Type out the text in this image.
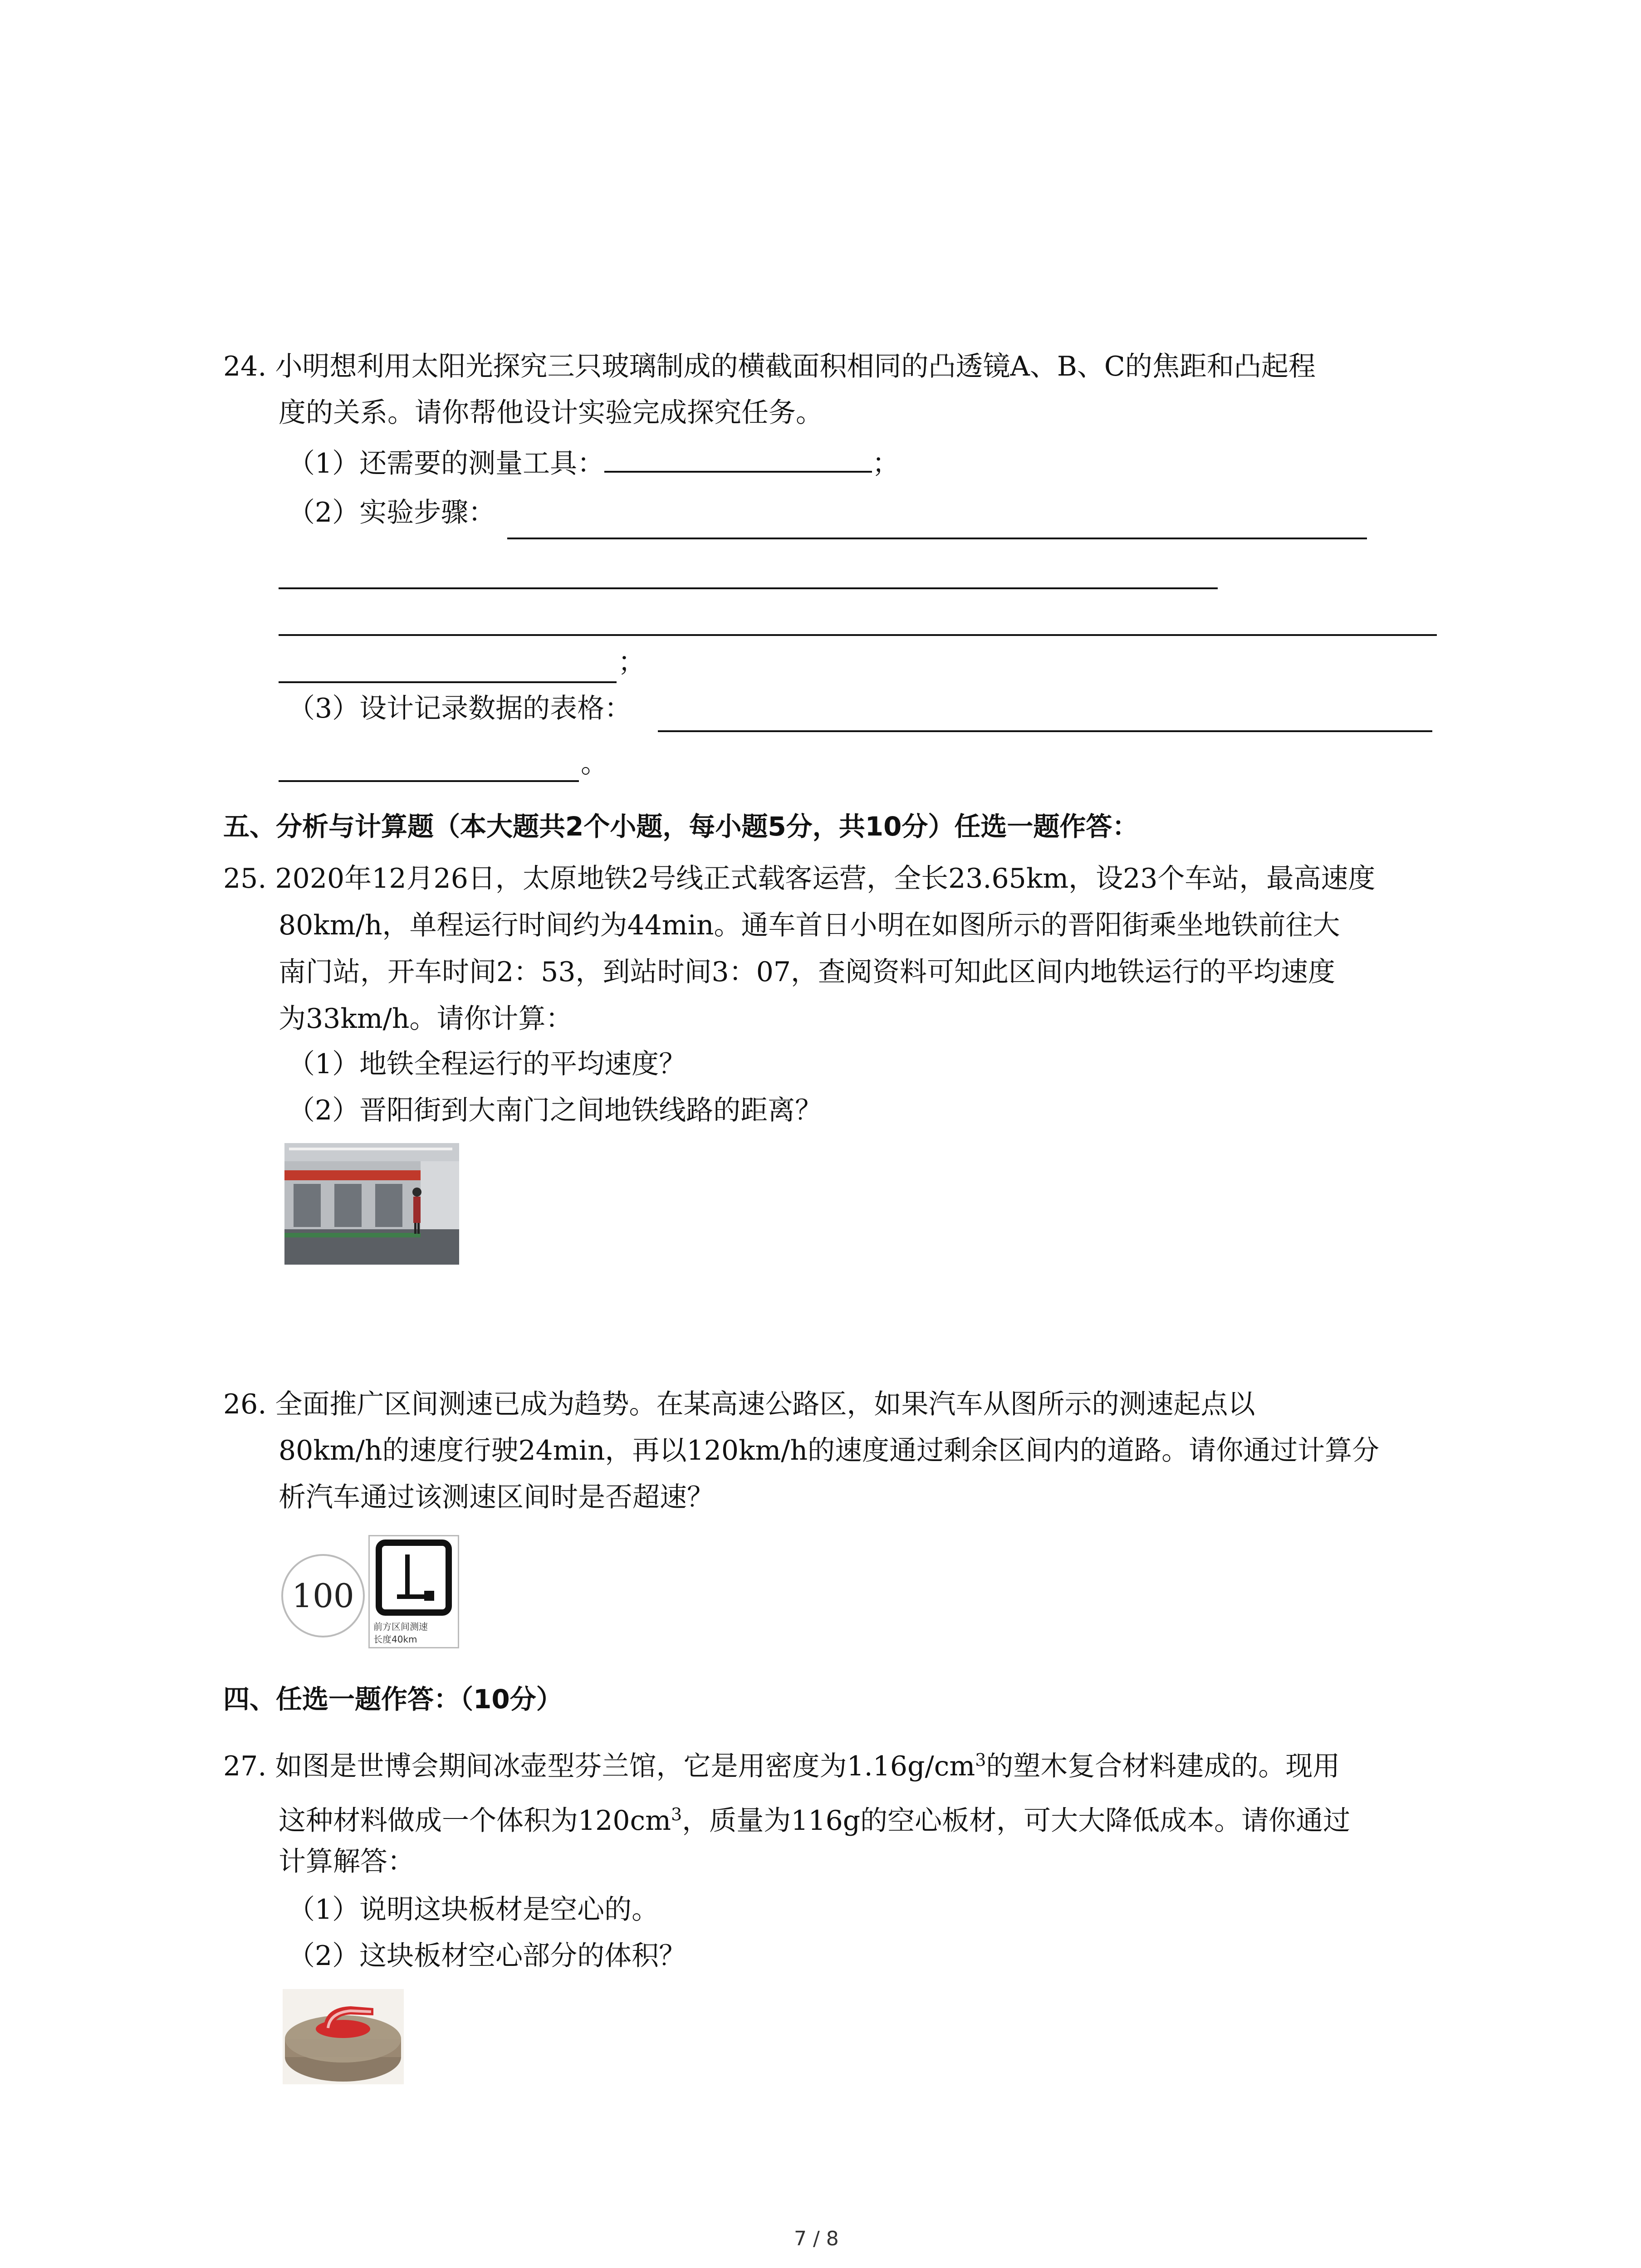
24. 小明想利用太阳光探究三只玻璃制成的横截面积相同的凸透镜A、B、C的焦距和凸起程
度的关系。请你帮他设计实验完成探究任务。
（1）还需要的测量工具：	；
（2）实验步骤：
；
（3）设计记录数据的表格：
。
五、分析与计算题（本大题共2个小题，每小题5分，共10分）任选一题作答：
25. 2020年12月26日，太原地铁2号线正式载客运营，全长23.65km，设23个车站，最高速度
80km/h，单程运行时间约为44min。通车首日小明在如图所示的晋阳街乘坐地铁前往大
南门站，开车时间2：53，到站时间3：07，查阅资料可知此区间内地铁运行的平均速度
为33km/h。请你计算：
（1）地铁全程运行的平均速度？
（2）晋阳街到大南门之间地铁线路的距离？
26. 全面推广区间测速已成为趋势。在某高速公路区，如果汽车从图所示的测速起点以
80km/h的速度行驶24min，再以120km/h的速度通过剩余区间内的道路。请你通过计算分
析汽车通过该测速区间时是否超速？
100
前方区间测速
长度40km
四、任选一题作答：（10分）
27. 如图是世博会期间冰壶型芬兰馆，它是用密度为$1.16g/cm^3$的塑木复合材料建成的。现用
这种材料做成一个体积为$120cm^3$，质量为116g的空心板材，可大大降低成本。请你通过
计算解答：
（1）说明这块板材是空心的。
（2）这块板材空心部分的体积？
7 / 8
